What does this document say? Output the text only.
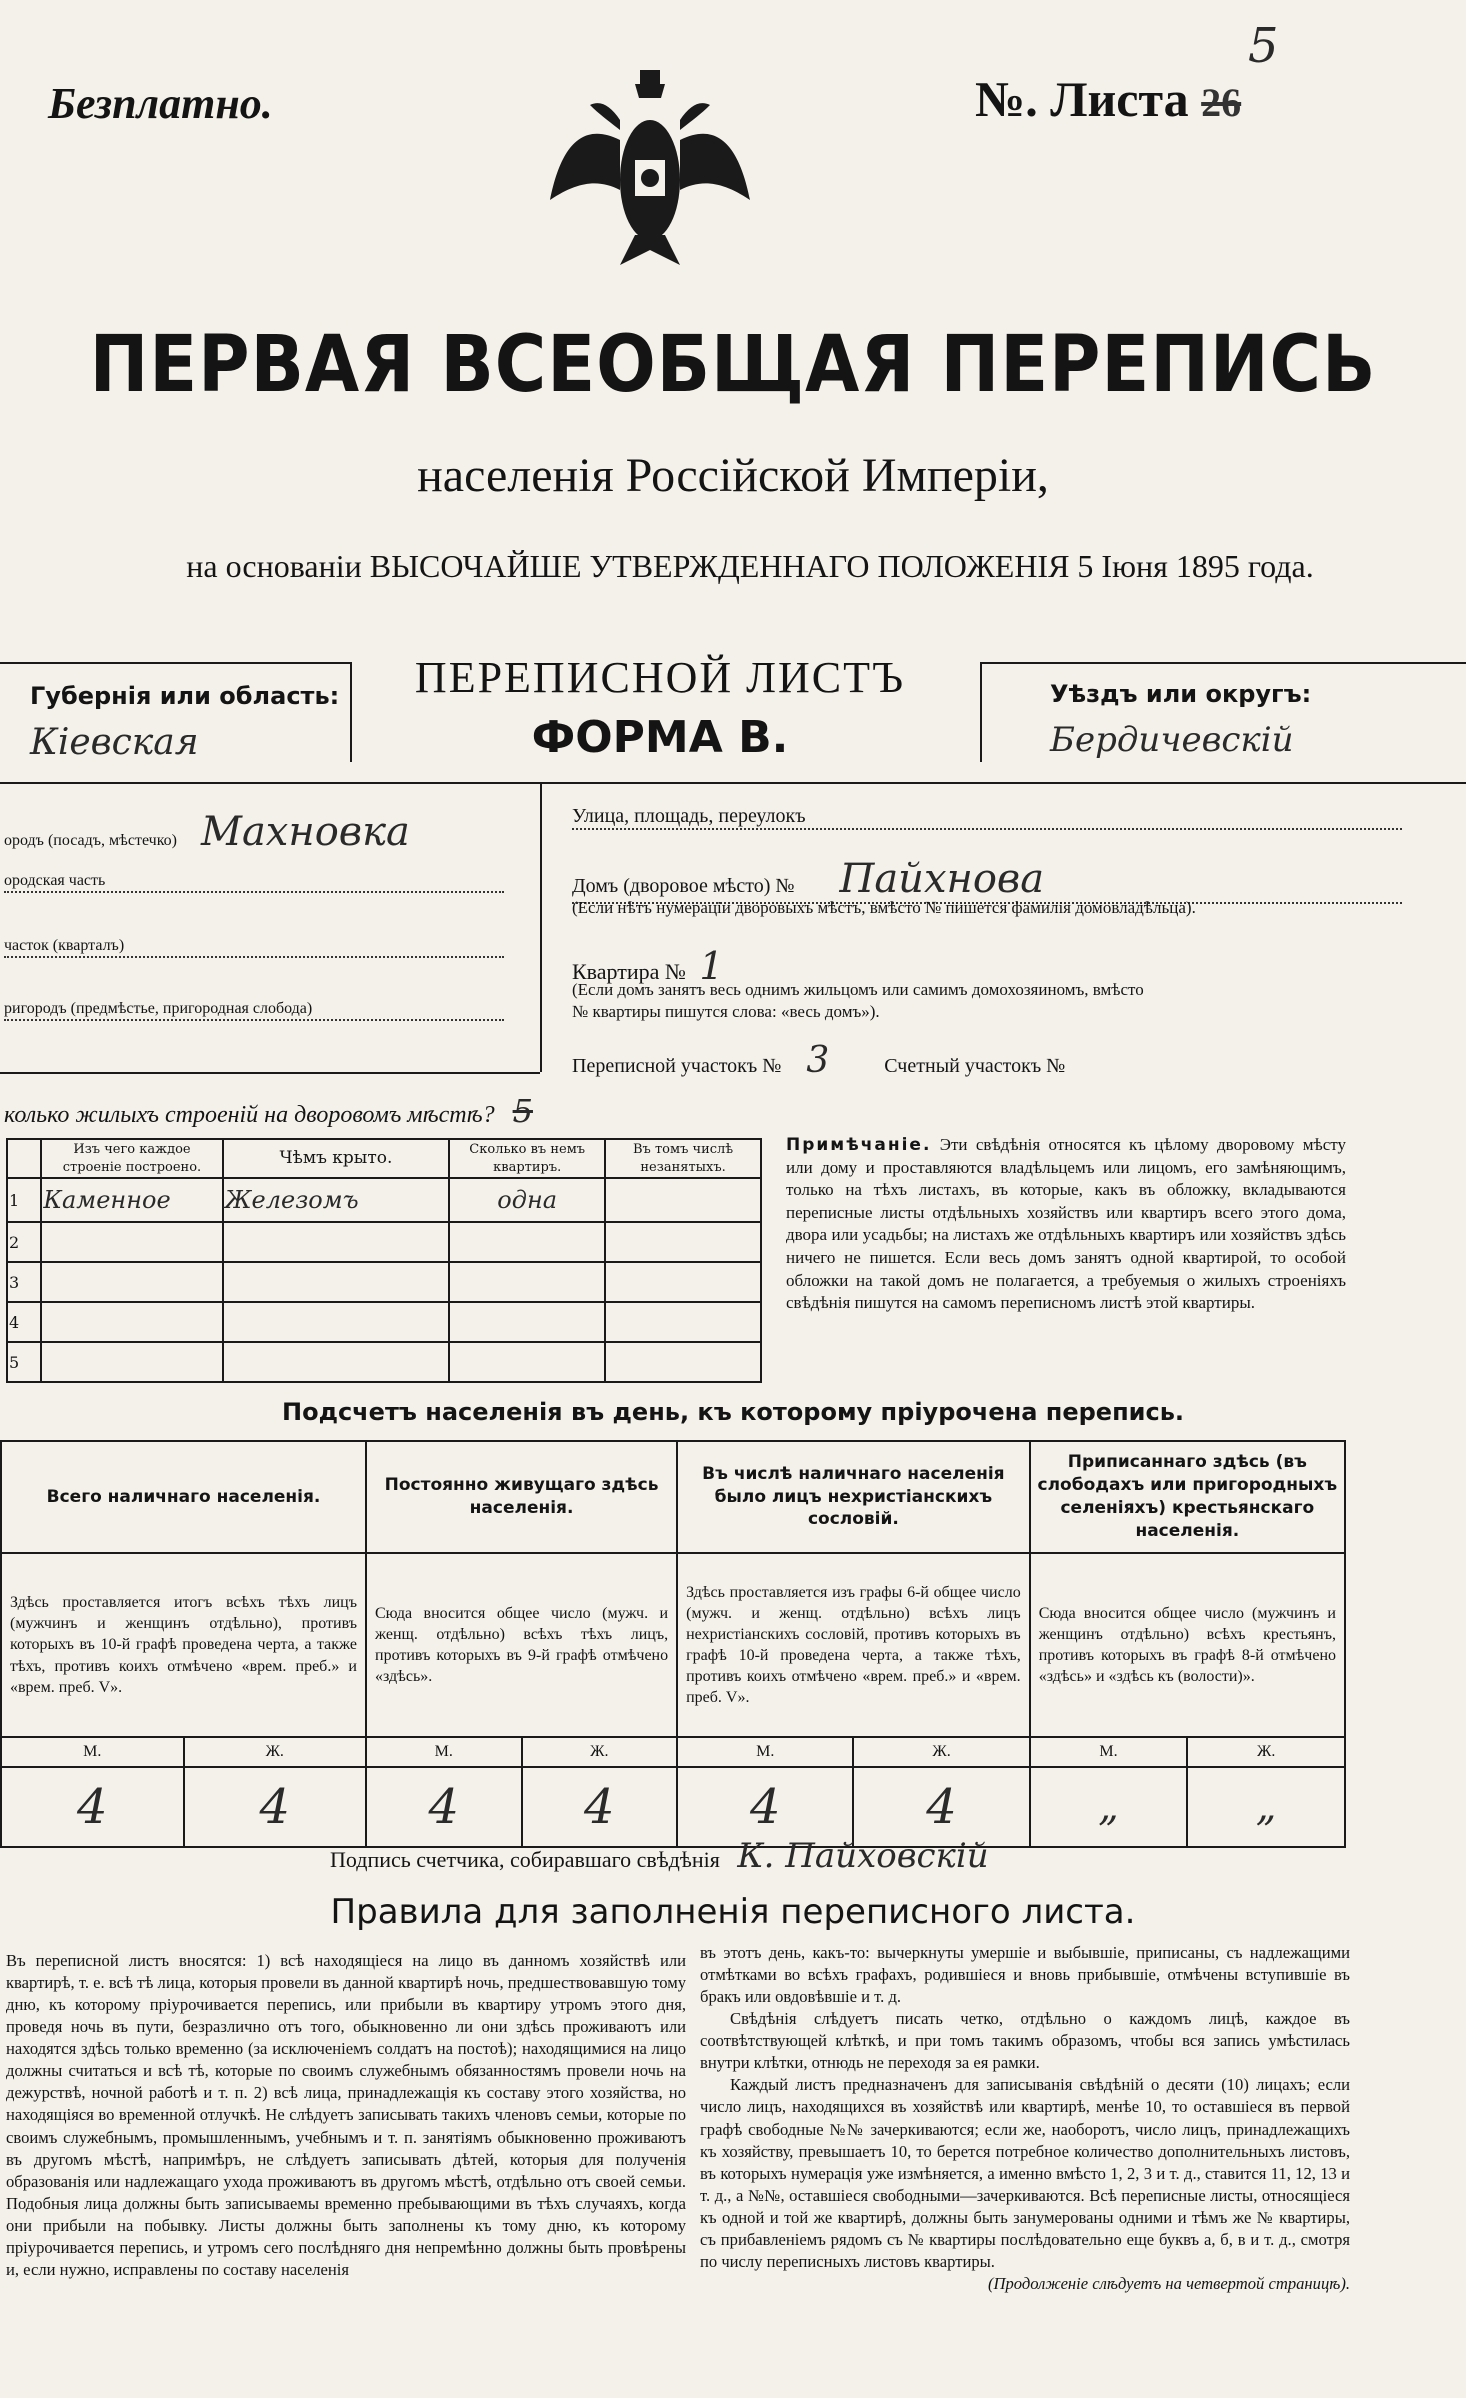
Безплатно.	№. Листа 26
5
ПЕРВАЯ ВСЕОБЩАЯ ПЕРЕПИСЬ
населенія Россійской Имперіи,
на основаніи ВЫСОЧАЙШЕ УТВЕРЖДЕННАГО ПОЛОЖЕНІЯ 5 Іюня 1895 года.
Губернія или область:
Кіевская
ПЕРЕПИСНОЙ ЛИСТЪ
ФОРМА В.
Уѣздъ или округъ:
Бердичевскій
ородъ (посадъ, мѣстечко) Махновка
ородская часть
часток (кварталъ)
ригородъ (предмѣстье, пригородная слобода)
Улица, площадь, переулокъ
Домъ (дворовое мѣсто) № Пайхнова
(Если нѣтъ нумераціи дворовыхъ мѣстъ, вмѣсто № пишется фамилія домовладѣльца).
Квартира № 1
(Если домъ занятъ весь однимъ жильцомъ или самимъ домохозяиномъ, вмѣсто
№ квартиры пишутся слова: «весь домъ»).
Переписной участокъ № 3	Счетный участокъ №
колько жилыхъ строеній на дворовомъ мѣстѣ? 5
	Изъ чего каждое строеніе построено.	Чѣмъ крыто.	Сколько въ немъ квартиръ.	Въ томъ числѣ незанятыхъ.
1	Каменное	Железомъ	одна	
2				
3				
4				
5				
Примѣчаніе. Эти свѣдѣнія относятся къ цѣлому дворовому мѣсту или дому и проставляются владѣльцемъ или лицомъ, его замѣняющимъ, только на тѣхъ листахъ, въ которые, какъ въ обложку, вкладываются переписные листы отдѣльныхъ хозяйствъ или квартиръ всего этого дома, двора или усадьбы; на листахъ же отдѣльныхъ квартиръ или хозяйствъ здѣсь ничего не пишется. Если весь домъ занятъ одной квартирой, то особой обложки на такой домъ не полагается, а требуемыя о жилыхъ строеніяхъ свѣдѣнія пишутся на самомъ переписномъ листѣ этой квартиры.
Подсчетъ населенія въ день, къ которому пріурочена перепись.
Всего наличнаго населенія.		Постоянно живущаго здѣсь населенія.		Въ числѣ наличнаго населенія было лицъ нехристіанскихъ сословій.		Приписаннаго здѣсь (въ слободахъ или пригородныхъ селеніяхъ) крестьянскаго населенія.	
Здѣсь проставляется итогъ всѣхъ тѣхъ лицъ (мужчинъ и женщинъ отдѣльно), противъ которыхъ въ 10-й графѣ проведена черта, а также тѣхъ, противъ коихъ отмѣчено «врем. преб.» и «врем. преб. V».		Сюда вносится общее число (мужч. и женщ. отдѣльно) всѣхъ тѣхъ лицъ, противъ которыхъ въ 9-й графѣ отмѣчено «здѣсь».		Здѣсь проставляется изъ графы 6-й общее число (мужч. и женщ. отдѣльно) всѣхъ лицъ нехристіанскихъ сословій, противъ которыхъ въ графѣ 10-й проведена черта, а также тѣхъ, противъ коихъ отмѣчено «врем. преб.» и «врем. преб. V».		Сюда вносится общее число (мужчинъ и женщинъ отдѣльно) всѣхъ крестьянъ, противъ которыхъ въ графѣ 8-й отмѣчено «здѣсь» и «здѣсь къ (волости)».	
М.	Ж.	М.	Ж.	М.	Ж.	М.	Ж.
4	4	4	4	4	4	„	„
Подпись счетчика, собиравшаго свѣдѣнія К. Пайховскій
Правила для заполненія переписного листа.
Въ переписной листъ вносятся: 1) всѣ находящіеся на лицо въ данномъ хозяйствѣ или квартирѣ, т. е. всѣ тѣ лица, которыя провели въ данной квартирѣ ночь, предшествовавшую тому дню, къ которому пріурочивается перепись, или прибыли въ квартиру утромъ этого дня, проведя ночь въ пути, безразлично отъ того, обыкновенно ли они здѣсь проживаютъ или находятся здѣсь только временно (за исключеніемъ солдатъ на постоѣ); находящимися на лицо должны считаться и всѣ тѣ, которые по своимъ служебнымъ обязанностямъ провели ночь на дежурствѣ, ночной работѣ и т. п. 2) всѣ лица, принадлежащія къ составу этого хозяйства, но находящіяся во временной отлучкѣ. Не слѣдуетъ записывать такихъ членовъ семьи, которые по своимъ служебнымъ, промышленнымъ, учебнымъ и т. п. занятіямъ обыкновенно проживаютъ въ другомъ мѣстѣ, напримѣръ, не слѣдуетъ записывать дѣтей, которыя для полученія образованія или надлежащаго ухода проживаютъ въ другомъ мѣстѣ, отдѣльно отъ своей семьи. Подобныя лица должны быть записываемы временно пребывающими въ тѣхъ случаяхъ, когда они прибыли на побывку. Листы должны быть заполнены къ тому дню, къ которому пріурочивается перепись, и утромъ сего послѣдняго дня непремѣнно должны быть провѣрены и, если нужно, исправлены по составу населенія
въ этотъ день, какъ-то: вычеркнуты умершіе и выбывшіе, приписаны, съ надлежащими отмѣтками во всѣхъ графахъ, родившіеся и вновь прибывшіе, отмѣчены вступившіе въ бракъ или овдовѣвшіе и т. д.
Свѣдѣнія слѣдуетъ писать четко, отдѣльно о каждомъ лицѣ, каждое въ соотвѣтствующей клѣткѣ, и при томъ такимъ образомъ, чтобы вся запись умѣстилась внутри клѣтки, отнюдь не переходя за ея рамки.
Каждый листъ предназначенъ для записыванія свѣдѣній о десяти (10) лицахъ; если число лицъ, находящихся въ хозяйствѣ или квартирѣ, менѣе 10, то оставшіеся въ первой графѣ свободные №№ зачеркиваются; если же, наоборотъ, число лицъ, принадлежащихъ къ хозяйству, превышаетъ 10, то берется потребное количество дополнительныхъ листовъ, въ которыхъ нумерація уже измѣняется, а именно вмѣсто 1, 2, 3 и т. д., ставится 11, 12, 13 и т. д., а №№, оставшіеся свободными—зачеркиваются. Всѣ переписные листы, относящіеся къ одной и той же квартирѣ, должны быть занумерованы одними и тѣмъ же № квартиры, съ прибавленіемъ рядомъ съ № квартиры послѣдовательно еще буквъ а, б, в и т. д., смотря по числу переписныхъ листовъ квартиры.
(Продолженіе слѣдуетъ на четвертой страницѣ).
